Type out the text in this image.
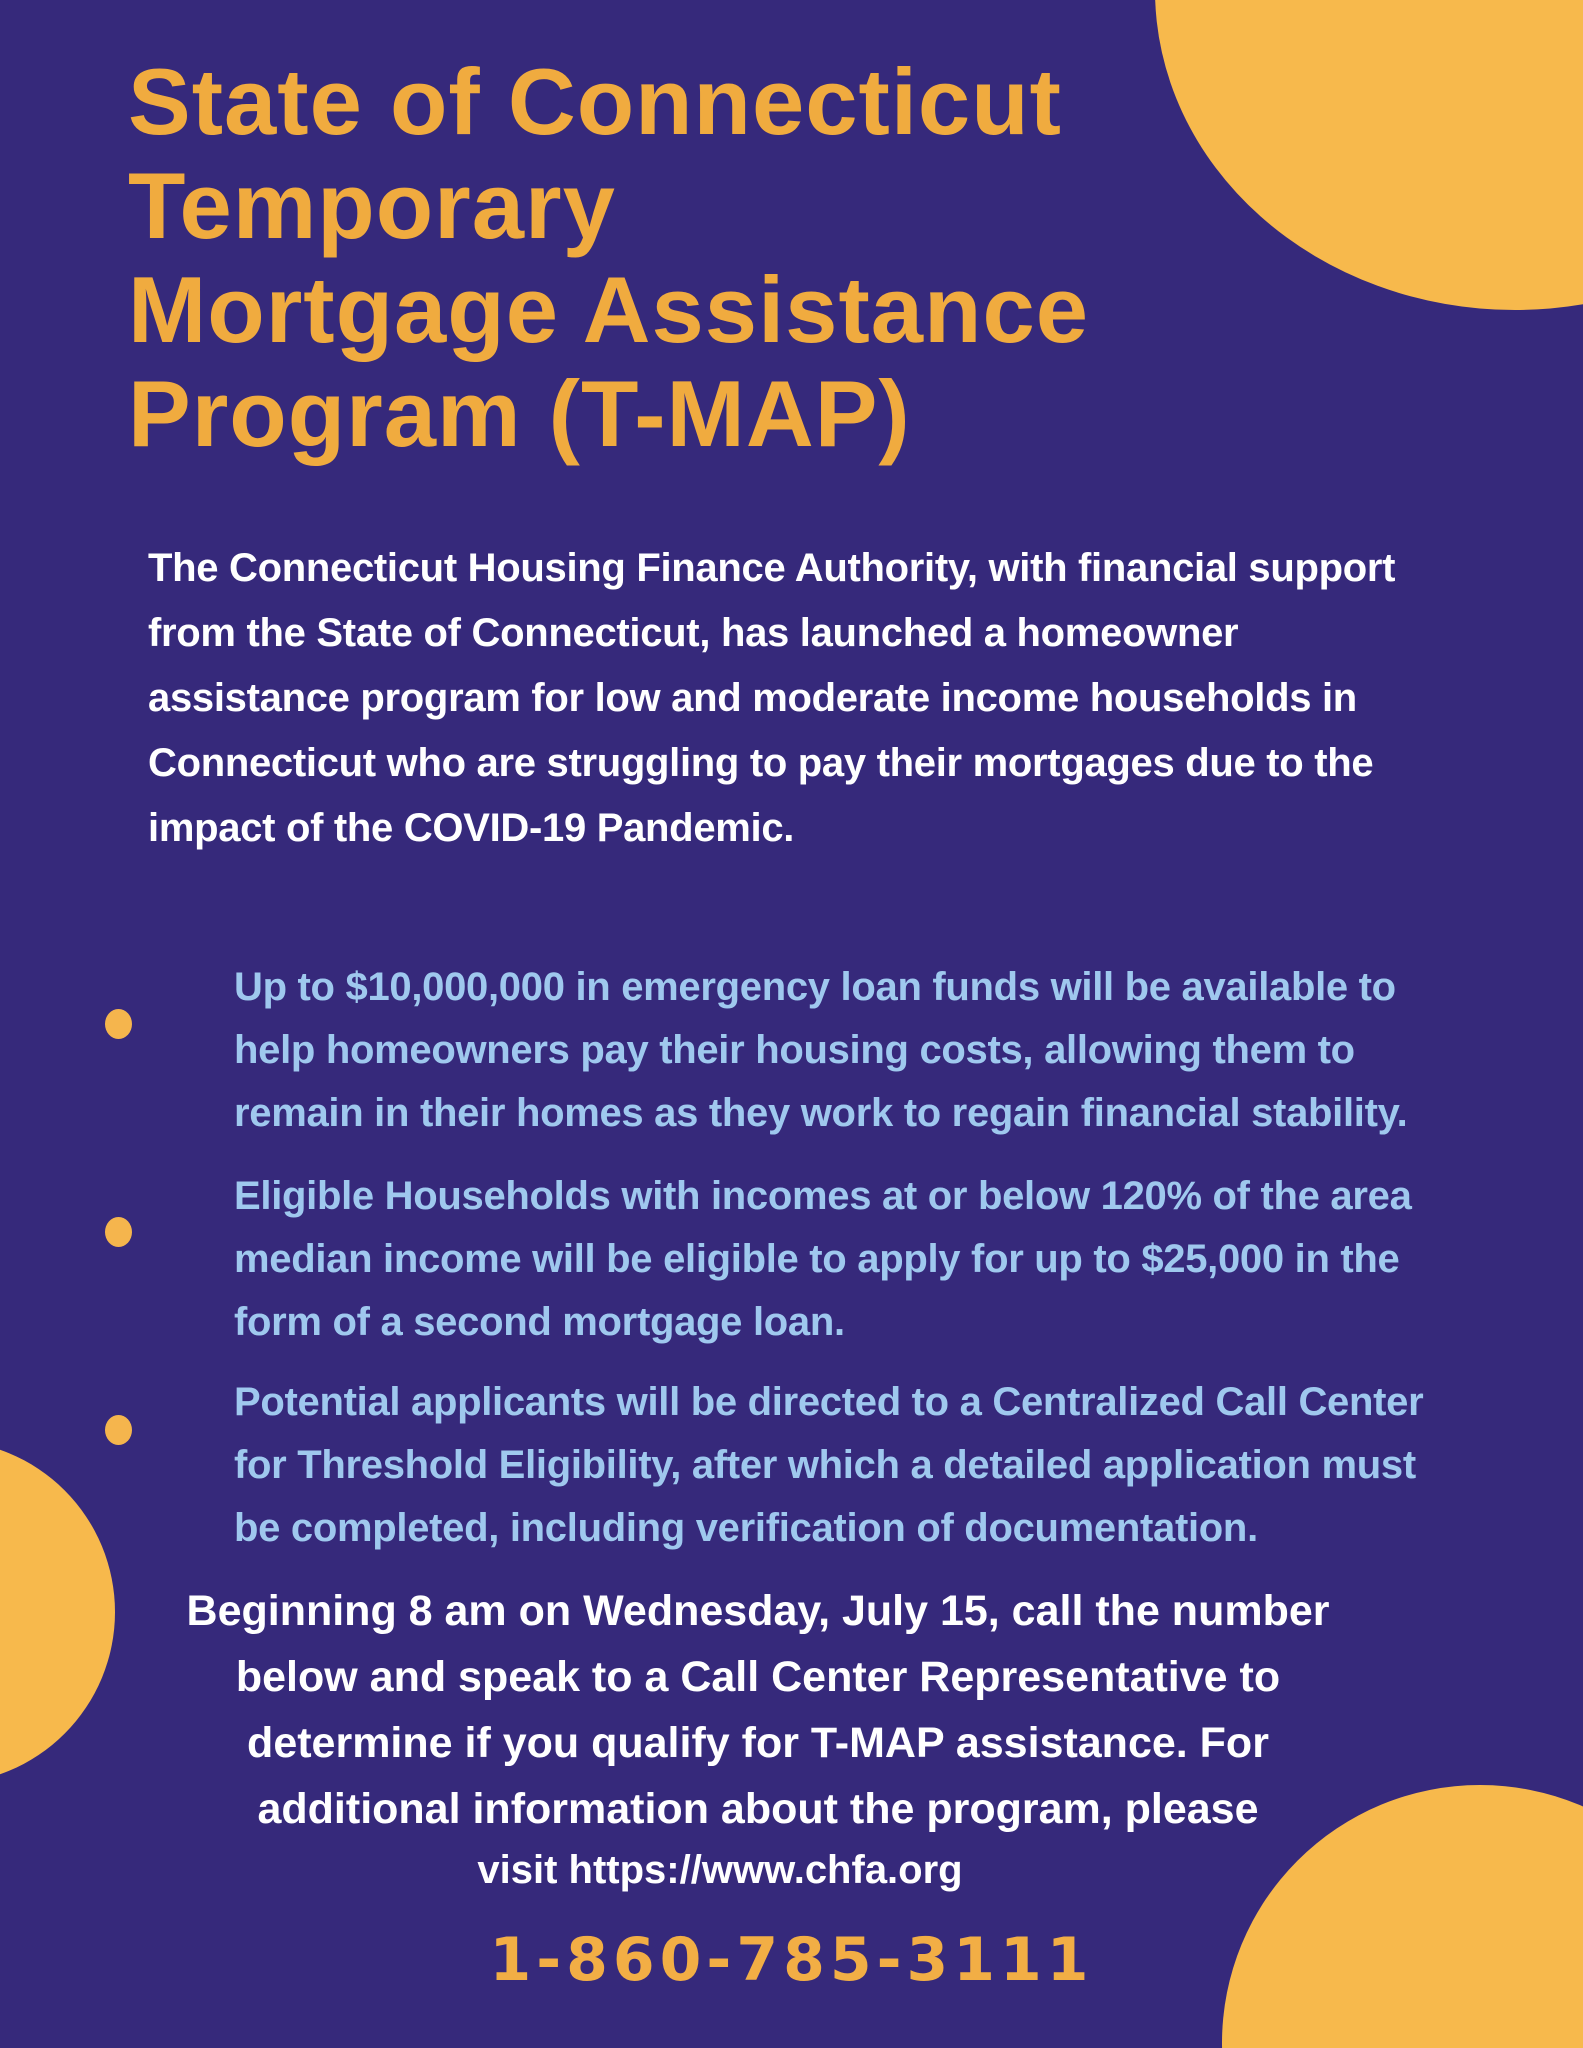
State of Connecticut
Temporary
Mortgage Assistance
Program (T-MAP)
The Connecticut Housing Finance Authority, with financial support
from the State of Connecticut, has launched a homeowner
assistance program for low and moderate income households in
Connecticut who are struggling to pay their mortgages due to the
impact of the COVID-19 Pandemic.
Up to $10,000,000 in emergency loan funds will be available to
help homeowners pay their housing costs, allowing them to
remain in their homes as they work to regain financial stability.
Eligible Households with incomes at or below 120% of the area
median income will be eligible to apply for up to $25,000 in the
form of a second mortgage loan.
Potential applicants will be directed to a Centralized Call Center
for Threshold Eligibility, after which a detailed application must
be completed, including verification of documentation.
Beginning 8 am on Wednesday, July 15, call the number
below and speak to a Call Center Representative to
determine if you qualify for T-MAP assistance. For
additional information about the program, please
visit https://www.chfa.org
1-860-785-3111
